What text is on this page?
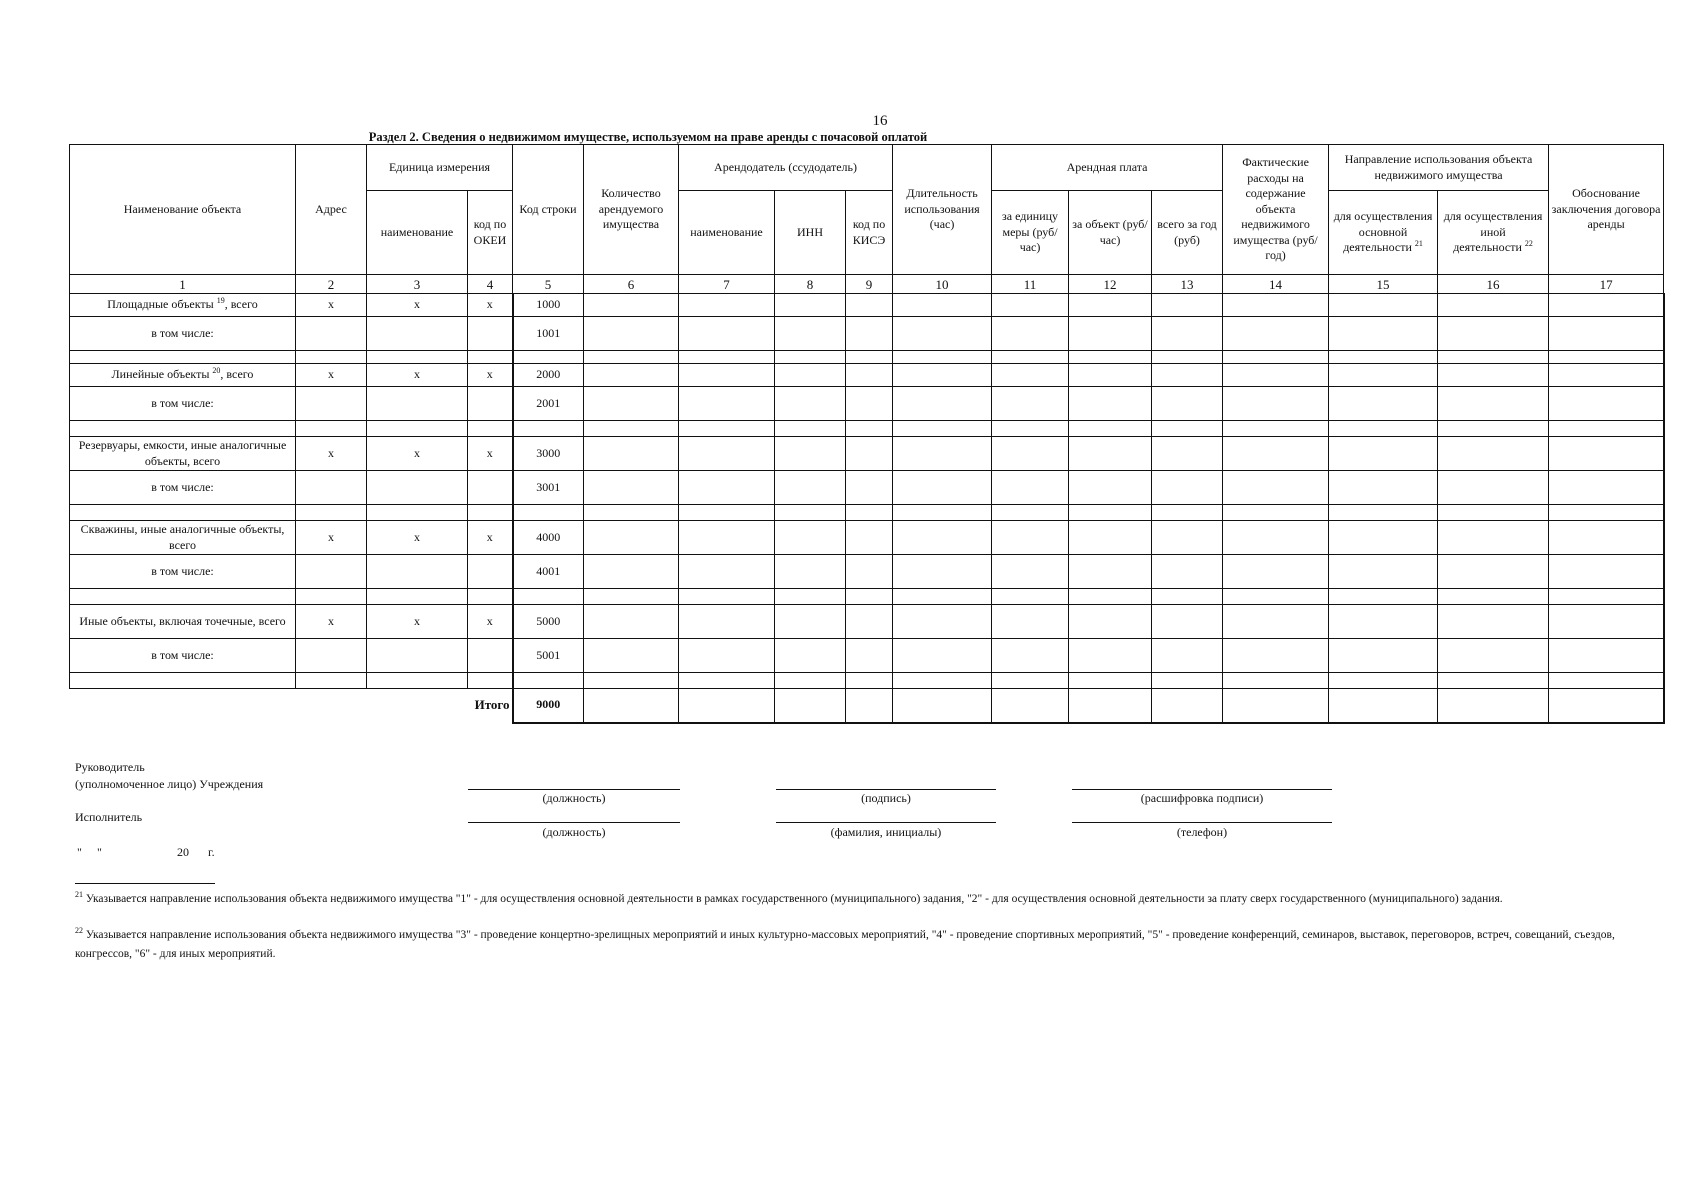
16
Раздел 2. Сведения о недвижимом имуществе, используемом на праве аренды с почасовой оплатой
Наименование объекта	Адрес	Единица измерения		Код строки	Количество арендуемого имущества	Арендодатель (ссудодатель)			Длительность использования (час)	Арендная плата			Фактические расходы на содержание объекта недвижимого имущества (руб/год)	Направление использования объекта недвижимого имущества		Обоснование заключения договора аренды
		наименование	код по ОКЕИ			наименование	ИНН	код по КИСЭ		за единицу меры (руб/час)	за объект (руб/час)	всего за год (руб)		для осуществления основной деятельности $^{21}$	для осуществления иной деятельности $^{22}$
1	2	3	4	5	6	7	8	9	10	11	12	13	14	15	16	17
Площадные объекты $^{19}$, всего	x	x	x	1000												
в том числе:				1001												

Линейные объекты $^{20}$, всего	x	x	x	2000												
в том числе:				2001												

Резервуары, емкости, иные аналогичные объекты, всего	x	x	x	3000												
в том числе:				3001												

Скважины, иные аналогичные объекты, всего	x	x	x	4000												
в том числе:				4001												

Иные объекты, включая точечные, всего	x	x	x	5000												
в том числе:				5001												

			Итого	9000												
Руководитель
(уполномоченное лицо) Учреждения
Исполнитель
(должность)	(подпись)	(расшифровка подписи)
(должность)	(фамилия, инициалы)	(телефон)
" "	20 г.
$^{21}$ Указывается направление использования объекта недвижимого имущества "1" - для осуществления основной деятельности в рамках государственного (муниципального) задания, "2" - для осуществления основной деятельности за плату сверх государственного (муниципального) задания.
$^{22}$ Указывается направление использования объекта недвижимого имущества "3" - проведение концертно-зрелищных мероприятий и иных культурно-массовых мероприятий, "4" - проведение спортивных мероприятий, "5" - проведение конференций, семинаров, выставок, переговоров, встреч, совещаний, съездов, конгрессов, "6" - для иных мероприятий.
